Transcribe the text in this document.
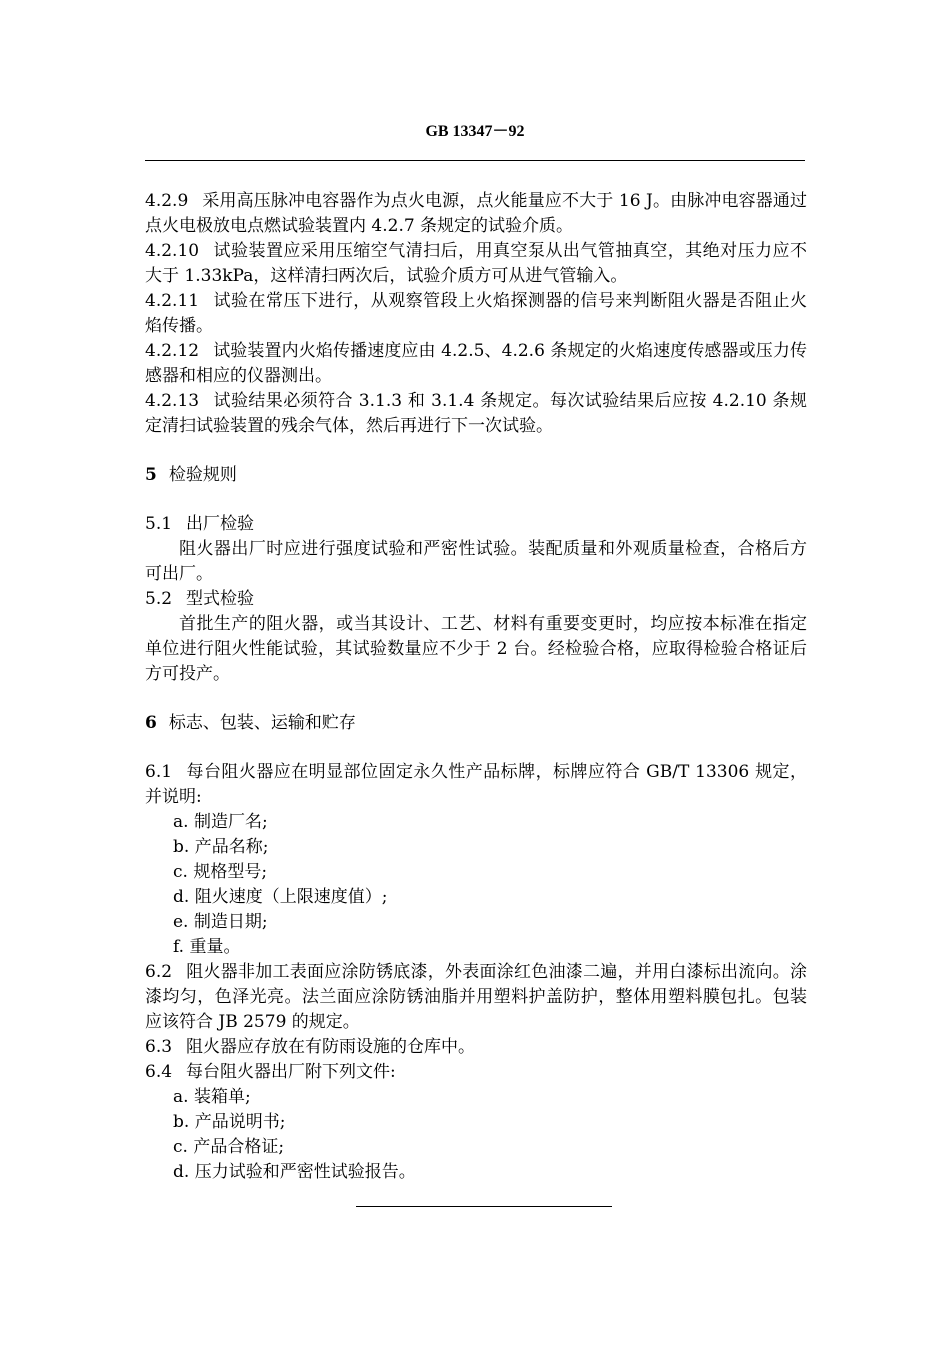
GB 13347－92

4.2.9 采用高压脉冲电容器作为点火电源，点火能量应不大于 16 J。由脉冲电容器通过点火电极放电点燃试验装置内 4.2.7 条规定的试验介质。

4.2.10 试验装置应采用压缩空气清扫后，用真空泵从出气管抽真空，其绝对压力应不大于 1.33kPa，这样清扫两次后，试验介质方可从进气管输入。

4.2.11 试验在常压下进行，从观察管段上火焰探测器的信号来判断阻火器是否阻止火焰传播。

4.2.12 试验装置内火焰传播速度应由 4.2.5、4.2.6 条规定的火焰速度传感器或压力传感器和相应的仪器测出。

4.2.13 试验结果必须符合 3.1.3 和 3.1.4 条规定。每次试验结果后应按 4.2.10 条规定清扫试验装置的残余气体，然后再进行下一次试验。

5 检验规则

5.1 出厂检验

阻火器出厂时应进行强度试验和严密性试验。装配质量和外观质量检查，合格后方可出厂。

5.2 型式检验

首批生产的阻火器，或当其设计、工艺、材料有重要变更时，均应按本标准在指定单位进行阻火性能试验，其试验数量应不少于 2 台。经检验合格，应取得检验合格证后方可投产。

6 标志、包装、运输和贮存

6.1 每台阻火器应在明显部位固定永久性产品标牌，标牌应符合 GB/T 13306 规定，并说明:

a. 制造厂名;

b. 产品名称;

c. 规格型号;

d. 阻火速度（上限速度值）;

e. 制造日期;

f. 重量。

6.2 阻火器非加工表面应涂防锈底漆，外表面涂红色油漆二遍，并用白漆标出流向。涂漆均匀，色泽光亮。法兰面应涂防锈油脂并用塑料护盖防护，整体用塑料膜包扎。包装应该符合 JB 2579 的规定。

6.3 阻火器应存放在有防雨设施的仓库中。

6.4 每台阻火器出厂附下列文件:

a. 装箱单;

b. 产品说明书;

c. 产品合格证;

d. 压力试验和严密性试验报告。
